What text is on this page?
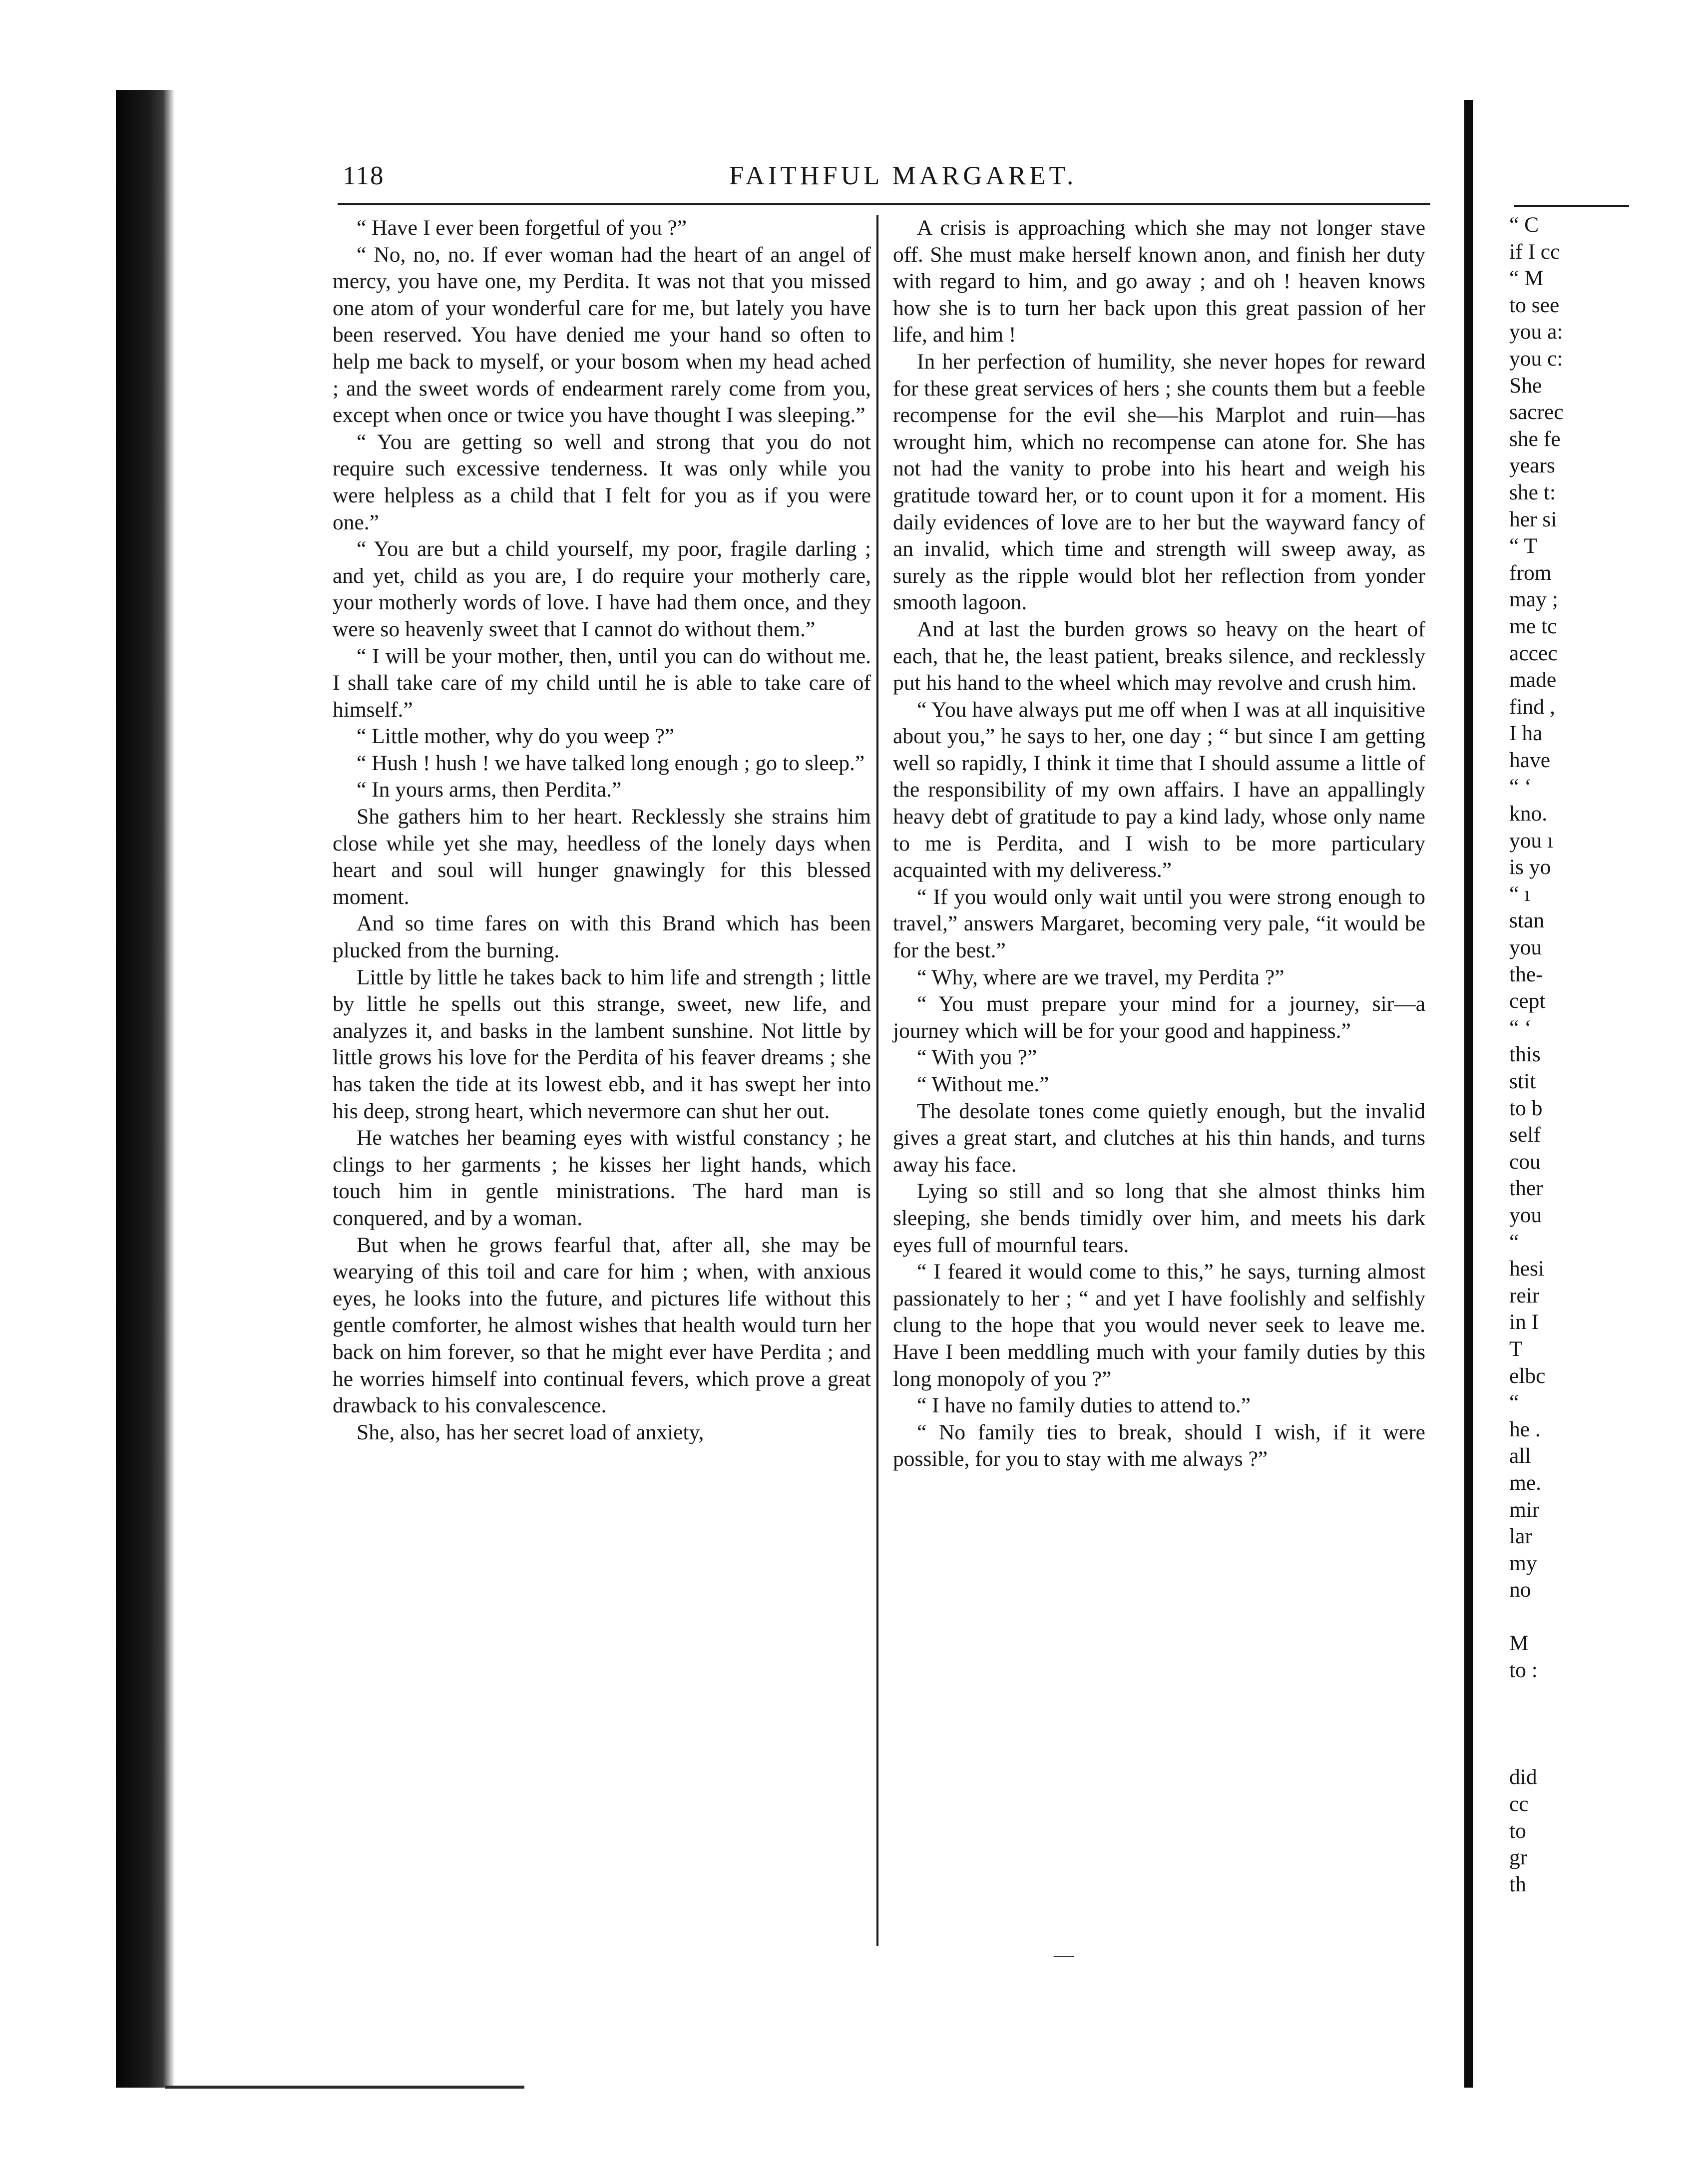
118	FAITHFUL MARGARET.

“ Have I ever been forgetful of you ?”

“ No, no, no. If ever woman had the heart of an angel of mercy, you have one, my Perdita. It was not that you missed one atom of your wonderful care for me, but lately you have been reserved. You have denied me your hand so often to help me back to myself, or your bosom when my head ached ; and the sweet words of endearment rarely come from you, except when once or twice you have thought I was sleeping.”

“ You are getting so well and strong that you do not require such excessive tenderness. It was only while you were helpless as a child that I felt for you as if you were one.”

“ You are but a child yourself, my poor, fragile darling ; and yet, child as you are, I do require your motherly care, your motherly words of love. I have had them once, and they were so heavenly sweet that I cannot do without them.”

“ I will be your mother, then, until you can do without me. I shall take care of my child until he is able to take care of himself.”

“ Little mother, why do you weep ?”

“ Hush ! hush ! we have talked long enough ; go to sleep.”

“ In yours arms, then Perdita.”

She gathers him to her heart. Recklessly she strains him close while yet she may, heedless of the lonely days when heart and soul will hunger gnawingly for this blessed moment.

And so time fares on with this Brand which has been plucked from the burning.

Little by little he takes back to him life and strength ; little by little he spells out this strange, sweet, new life, and analyzes it, and basks in the lambent sunshine. Not little by little grows his love for the Perdita of his feaver dreams ; she has taken the tide at its lowest ebb, and it has swept her into his deep, strong heart, which nevermore can shut her out.

He watches her beaming eyes with wistful constancy ; he clings to her garments ; he kisses her light hands, which touch him in gentle ministrations. The hard man is conquered, and by a woman.

But when he grows fearful that, after all, she may be wearying of this toil and care for him ; when, with anxious eyes, he looks into the future, and pictures life without this gentle comforter, he almost wishes that health would turn her back on him forever, so that he might ever have Perdita ; and he worries himself into continual fevers, which prove a great drawback to his convalescence.

She, also, has her secret load of anxiety,

A crisis is approaching which she may not longer stave off. She must make herself known anon, and finish her duty with regard to him, and go away ; and oh ! heaven knows how she is to turn her back upon this great passion of her life, and him !

In her perfection of humility, she never hopes for reward for these great services of hers ; she counts them but a feeble recompense for the evil she—his Marplot and ruin—has wrought him, which no recompense can atone for. She has not had the vanity to probe into his heart and weigh his gratitude toward her, or to count upon it for a moment. His daily evidences of love are to her but the wayward fancy of an invalid, which time and strength will sweep away, as surely as the ripple would blot her reflection from yonder smooth lagoon.

And at last the burden grows so heavy on the heart of each, that he, the least patient, breaks silence, and recklessly put his hand to the wheel which may revolve and crush him.

“ You have always put me off when I was at all inquisitive about you,” he says to her, one day ; “ but since I am getting well so rapidly, I think it time that I should assume a little of the responsibility of my own affairs. I have an appallingly heavy debt of gratitude to pay a kind lady, whose only name to me is Perdita, and I wish to be more particulary acquainted with my deliveress.”

“ If you would only wait until you were strong enough to travel,” answers Margaret, becoming very pale, “it would be for the best.”

“ Why, where are we travel, my Perdita ?”

“ You must prepare your mind for a journey, sir—a journey which will be for your good and happiness.”

“ With you ?”

“ Without me.”

The desolate tones come quietly enough, but the invalid gives a great start, and clutches at his thin hands, and turns away his face.

Lying so still and so long that she almost thinks him sleeping, she bends timidly over him, and meets his dark eyes full of mournful tears.

“ I feared it would come to this,” he says, turning almost passionately to her ; “ and yet I have foolishly and selfishly clung to the hope that you would never seek to leave me. Have I been meddling much with your family duties by this long monopoly of you ?”

“ I have no family duties to attend to.”

“ No family ties to break, should I wish, if it were possible, for you to stay with me always ?”

“ C
if I cc
“ M
to see
you a:
you c:
She
sacrec
she fe
years
she t:
her si
“ T
from
may ;
me tc
accec
made
find ,
I ha
have
“ ‘
kno.
you ı
is yo
“ ı
stan
you
the‑
cept
“ ‘
this
stit
to b
self
cou
ther
you
“
hesi
reir
in I
T
elbc
“
he .
all
me.
mir
lar
my
no
M
to :
did
cc
to
gr
th
—
